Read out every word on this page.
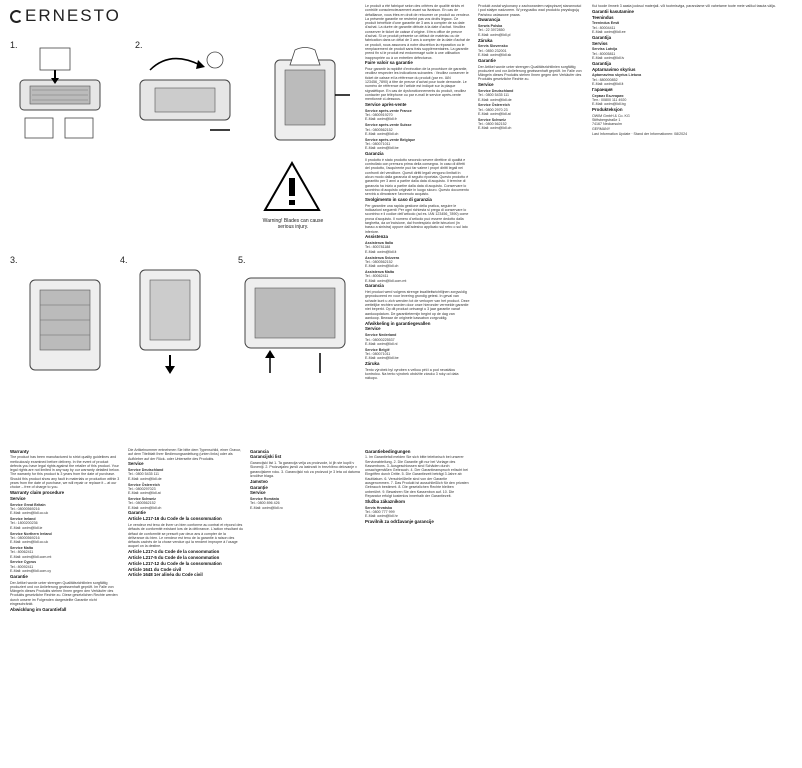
ERNESTO
Warning! Blades can cause serious injury.
3.	4.	5.
1.	2.

Le produit a été fabriqué selon des critères de qualité stricts et contrôlé consciencieusement avant sa livraison. En cas de défaillance, vous êtes en droit de retourner ce produit au vendeur. La présente garantie ne restreint pas vos droits légaux. Ce produit bénéficie d'une garantie de 3 ans à compter de sa date d'achat. La durée de garantie débute à la date d'achat. Veuillez conserver le ticket de caisse d'origine. Il fera office de preuve d'achat. Si ce produit présente un défaut de matériau ou de fabrication dans un délai de 3 ans à compter de la date d'achat de ce produit, nous assurons à notre discrétion la réparation ou le remplacement de produit sans frais supplémentaires. La garantie prend fin si le produit est endommagé suite à une utilisation inappropriée ou à un entretien défectueux.

Faire valoir sa garantie

Pour garantir la rapidité d'exécution de la procédure de garantie, veuillez respecter les indications suivantes : Veuillez conserver le ticket de caisse et la référence du produit (par ex. IAN 123456_7890) à titre de preuve d'achat pour toute demande. Le numéro de référence de l'article est indiqué sur la plaque signalétique. En cas de dysfonctionnements du produit, veuillez contacter par téléphone ou par e-mail le service après-vente mentionné ci-dessous.

Service après-vente
Service après-vente France
Tel.: 0800919270
E-Mail: owim@lidl.fr
Service après-vente Suisse
Tel.: 0800562152
E-Mail: owim@lidl.ch
Service après-vente Belgique
Tel.: 080071011
E-Mail: owim@lidl.be
Garanzia

Il prodotto è stato prodotto secondo severe direttive di qualità e controllato con premura prima della consegna. In caso di difetti del prodotto, l'acquirente può far valere i propri diritti legali nei confronti del venditore. Questi diritti legali vengono limitati in alcun modo dalla garanzia di seguito riportata. Questo prodotto è garantito per 3 anni a partire dalla data di acquisto. Il termine di garanzia ha inizio a partire dalla data di acquisto. Conservare lo scontrino di acquisto originale in luogo sicuro. Questo documento servirà a dimostrare l'avvenuto acquisto.

Svolgimento in caso di garanzia

Per garantire una rapida gestione della pratica, seguire le indicazioni seguenti: Per ogni richiesta si prega di conservare lo scontrino e il codice dell'articolo (ad es. IAN 123456_7890) come prova d'acquisto. Il numero d'articolo può essere dedotto dalla targhetta, da un'incisione, dal frontespizio delle istruzioni (in basso a sinistra) oppure dall'adesivo applicato sul retro o sul lato inferiore.

Assistenza
Assistenza Italia
Tel.: 800781188
E-Mail: owim@lidl.it
Assistenza Svizzera
Tel.: 0800562152
E-Mail: owim@lidl.ch
Assistenza Malta
Tel.: 80062411
E-Mail: owim@lidl.com.mt
Garancia

Het product werd volgens strenge kwaliteitsrichtlijnen zorgvuldig geproduceerd en voor levering grondig getest. In geval van schade kunt u zich wenden tot de verkoper van het product. Deze wettelijke rechten worden door onze hieronder vermelde garantie niet beperkt. Op dit product ontvangt u 3 jaar garantie vanaf aankoopdatum. De garantietermijn begint op de dag van aankoop. Bewaar de originele kassabon zorgvuldig.

Afwikkeling in garantiegevallen
Service
Service Nederland
Tel.: 08000225537
E-Mail: owim@lidl.nl
Service België
Tel.: 080071011
E-Mail: owim@lidl.be
Záruka

Tento výrobek byl vyroben s velkou péčí a pod neustálou kontrolou. Na tento výrobek obdržíte záruku 3 roky od data nákupu.

Produkt został wykonany z zachowaniem najwyższej staranności i pod stałym nadzorem. W przypadku wad produktu przysługują Państwu ustawowe prawa.

Gwarancja
Serwis Polska
Tel.: 22 3972850
E-Mail: owim@lidl.pl
Záruka
Servis Slovensko
Tel.: 0850 232001
E-Mail: owim@lidl.sk
Garantie

Der Artikel wurde unter strengen Qualitätsrichtlinien sorgfältig produziert und vor Anlieferung gewissenhaft geprüft. Im Falle von Mängeln dieses Produkts stehen Ihnen gegen den Verkäufer des Produkts gesetzliche Rechte zu.

Service
Service Deutschland
Tel.: 0800 5435 111
E-Mail: owim@lidl.de
Service Österreich
Tel.: 0800 2970 23
E-Mail: owim@lidl.at
Service Schweiz
Tel.: 0800 562152
E-Mail: owim@lidl.ch

Kui toode ilmneb 3 aasta jooksul materjali- või tootmisviga, parandame või vahetame toote meie valikul tasuta välja.

Garantii kasutamine
Teenindus
Teenindus Eesti
Tel.: 80004411
E-Mail: owim@lidl.ee
Garantija
Serviss
Serviss Latvija
Tel.: 80005811
E-Mail: owim@lidl.lv
Garantija
Aptarnavimo skyrius
Aptarnavimo skyrius Lietuva
Tel.: 880000852
E-Mail: owim@lidl.lt
Гаранция
Сервиз България
Тел.: 00800 111 4920
E-Mail: owim@lidl.bg
Produkteksjon
OWIM GmbH & Co. KG
Stiftsbergstraße 1
74167 Neckarsulm
GERMANY

Last Information Update · Stand der Informationen: 08/2024

Warranty

The product has been manufactured to strict quality guidelines and meticulously examined before delivery. In the event of product defects you have legal rights against the retailer of this product. Your legal rights are not limited in any way by our warranty detailed below. The warranty for this product is 3 years from the date of purchase. Should this product show any fault in materials or production within 3 years from the date of purchase, we will repair or replace it – at our choice – free of charge to you.

Warranty claim procedure
Service
Service Great Britain
Tel.: 08000569216
E-Mail: owim@lidl.co.uk
Service Ireland
Tel.: 1800200236
E-Mail: owim@lidl.ie
Service Northern Ireland
Tel.: 08000569216
E-Mail: owim@lidl.co.uk
Service Malta
Tel.: 80062411
E-Mail: owim@lidl.com.mt
Service Cyprus
Tel.: 80092411
E-Mail: owim@lidl.com.cy
Garantie

Der Artikel wurde unter strengen Qualitätsrichtlinien sorgfältig produziert und vor Anlieferung gewissenhaft geprüft. Im Falle von Mängeln dieses Produkts stehen Ihnen gegen den Verkäufer des Produkts gesetzliche Rechte zu. Diese gesetzlichen Rechte werden durch unsere im Folgenden dargestellte Garantie nicht eingeschränkt.

Abwicklung im Garantiefall

Die Artikelnummer entnehmen Sie bitte dem Typenschild, einer Gravur, auf dem Titelblatt Ihrer Bedienungsanleitung (unten links) oder als Aufkleber auf der Rück- oder Unterseite des Produkts.

Service
Service Deutschland
Tel.: 0800 5435 111
E-Mail: owim@lidl.de
Service Österreich
Tel.: 0800297023
E-Mail: owim@lidl.at
Service Schweiz
Tel.: 0800562152
E-Mail: owim@lidl.ch
Garantie
Article L217-16 du Code de la consommation

Le vendeur est tenu de livrer un bien conforme au contrat et répond des défauts de conformité existant lors de la délivrance. L'action résultant du défaut de conformité se prescrit par deux ans à compter de la délivrance du bien. Le vendeur est tenu de la garantie à raison des défauts cachés de la chose vendue qui la rendent impropre à l'usage auquel on la destine.

Article L217-4 du Code de la consommation
Article L217-5 du Code de la consommation
Article L217-12 du Code de la consommation
Article 1641 du Code civil
Article 1648 1er alinéa du Code civil
Garancia
Garancijski list

Garancijski list 1. Ta garancija velja za proizvode, ki jih ste kupili v Sloveniji. 2. Proizvajalec jamči za lastnosti in brezhibno delovanje v garancijskem roku. 3. Garancijski rok za proizvod je 3 leta od datuma izročitve blaga.

Jamstvo
Garanție
Service
Service România
Tel.: 0800 896 426
E-Mail: owim@lidl.ro
Garantiebedingungen

1. Im Garantiefall melden Sie sich bitte telefonisch bei unserer Serviceabteilung. 2. Die Garantie gilt nur bei Vorlage des Kassenbons. 3. Ausgeschlossen sind Schäden durch unsachgemäßen Gebrauch. 4. Der Garantieanspruch erlischt bei Eingriffen durch Dritte. 5. Die Garantiezeit beträgt 3 Jahre ab Kaufdatum. 6. Verschleißteile sind von der Garantie ausgenommen. 7. Das Produkt ist ausschließlich für den privaten Gebrauch bestimmt. 8. Die gesetzlichen Rechte bleiben unberührt. 9. Bewahren Sie den Kassenbon auf. 10. Die Reparatur erfolgt kostenlos innerhalb der Garantiezeit.

Služba zákazníkom
Servis Hrvatska
Tel.: 0800 777 999
E-Mail: owim@lidl.hr
Pravilnik za održavanje garancije
